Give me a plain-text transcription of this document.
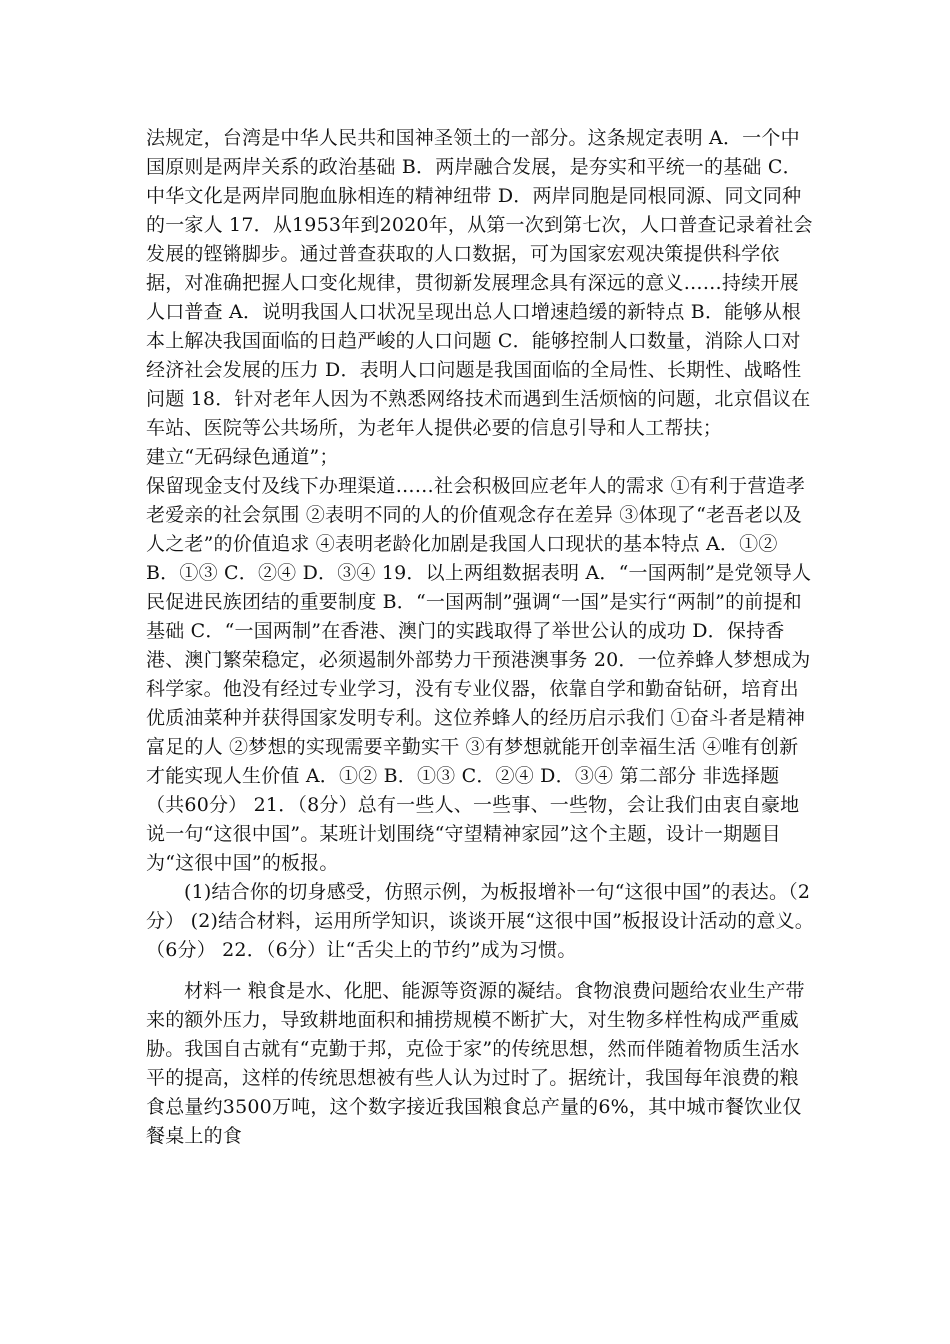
法规定，台湾是中华人民共和国神圣领土的一部分。这条规定表明 A．一个中国原则是两岸关系的政治基础 B．两岸融合发展，是夯实和平统一的基础 C．中华文化是两岸同胞血脉相连的精神纽带 D．两岸同胞是同根同源、同文同种的一家人 17．从1953年到2020年，从第一次到第七次，人口普查记录着社会发展的铿锵脚步。通过普查获取的人口数据，可为国家宏观决策提供科学依据，对准确把握人口变化规律，贯彻新发展理念具有深远的意义……持续开展人口普查 A．说明我国人口状况呈现出总人口增速趋缓的新特点 B．能够从根本上解决我国面临的日趋严峻的人口问题 C．能够控制人口数量，消除人口对经济社会发展的压力 D．表明人口问题是我国面临的全局性、长期性、战略性问题 18．针对老年人因为不熟悉网络技术而遇到生活烦恼的问题，北京倡议在车站、医院等公共场所，为老年人提供必要的信息引导和人工帮扶；

建立“无码绿色通道”；

保留现金支付及线下办理渠道……社会积极回应老年人的需求 ①有利于营造孝老爱亲的社会氛围 ②表明不同的人的价值观念存在差异 ③体现了“老吾老以及人之老”的价值追求 ④表明老龄化加剧是我国人口现状的基本特点 A．①② B．①③ C．②④ D．③④ 19．以上两组数据表明 A．“一国两制”是党领导人民促进民族团结的重要制度 B．“一国两制”强调“一国”是实行“两制”的前提和基础 C．“一国两制”在香港、澳门的实践取得了举世公认的成功 D．保持香港、澳门繁荣稳定，必须遏制外部势力干预港澳事务 20．一位养蜂人梦想成为科学家。他没有经过专业学习，没有专业仪器，依靠自学和勤奋钻研，培育出优质油菜种并获得国家发明专利。这位养蜂人的经历启示我们 ①奋斗者是精神富足的人 ②梦想的实现需要辛勤实干 ③有梦想就能开创幸福生活 ④唯有创新才能实现人生价值 A．①② B．①③ C．②④ D．③④ 第二部分 非选择题（共60分） 21．（8分）总有一些人、一些事、一些物，会让我们由衷自豪地说一句“这很中国”。某班计划围绕“守望精神家园”这个主题，设计一期题目为“这很中国”的板报。

(1)结合你的切身感受，仿照示例，为板报增补一句“这很中国”的表达。（2分） (2)结合材料，运用所学知识，谈谈开展“这很中国”板报设计活动的意义。（6分） 22．（6分）让“舌尖上的节约”成为习惯。

材料一 粮食是水、化肥、能源等资源的凝结。食物浪费问题给农业生产带来的额外压力，导致耕地面积和捕捞规模不断扩大，对生物多样性构成严重威胁。我国自古就有“克勤于邦，克俭于家”的传统思想，然而伴随着物质生活水平的提高，这样的传统思想被有些人认为过时了。据统计，我国每年浪费的粮食总量约3500万吨，这个数字接近我国粮食总产量的6%，其中城市餐饮业仅餐桌上的食
